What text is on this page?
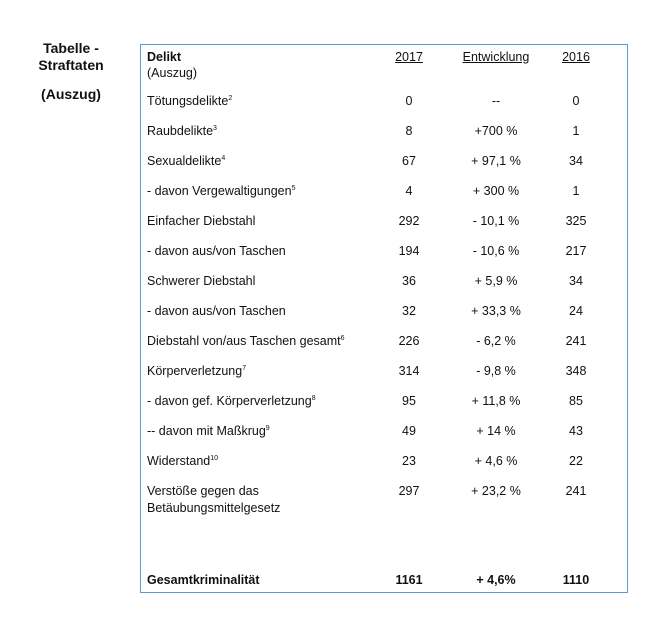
Tabelle -
Straftaten
(Auszug)
Delikt
(Auszug)	2017	Entwicklung	2016
Tötungsdelikte$^2$	0	--	0
Raubdelikte$^3$	8	+700 %	1
Sexualdelikte$^4$	67	+ 97,1 %	34
- davon Vergewaltigungen$^5$	4	+ 300 %	1
Einfacher Diebstahl	292	- 10,1 %	325
- davon aus/von Taschen	194	- 10,6 %	217
Schwerer Diebstahl	36	+ 5,9 %	34
- davon aus/von Taschen	32	+ 33,3 %	24
Diebstahl von/aus Taschen gesamt$^6$	226	- 6,2 %	241
Körperverletzung$^7$	314	- 9,8 %	348
- davon gef. Körperverletzung$^8$	95	+ 11,8 %	85
-- davon mit Maßkrug$^9$	49	+ 14 %	43
Widerstand$^{10}$	23	+ 4,6 %	22
Verstöße gegen das
Betäubungsmittelgesetz	297	+ 23,2 %	241

Gesamtkriminalität	1161	+ 4,6%	1110
